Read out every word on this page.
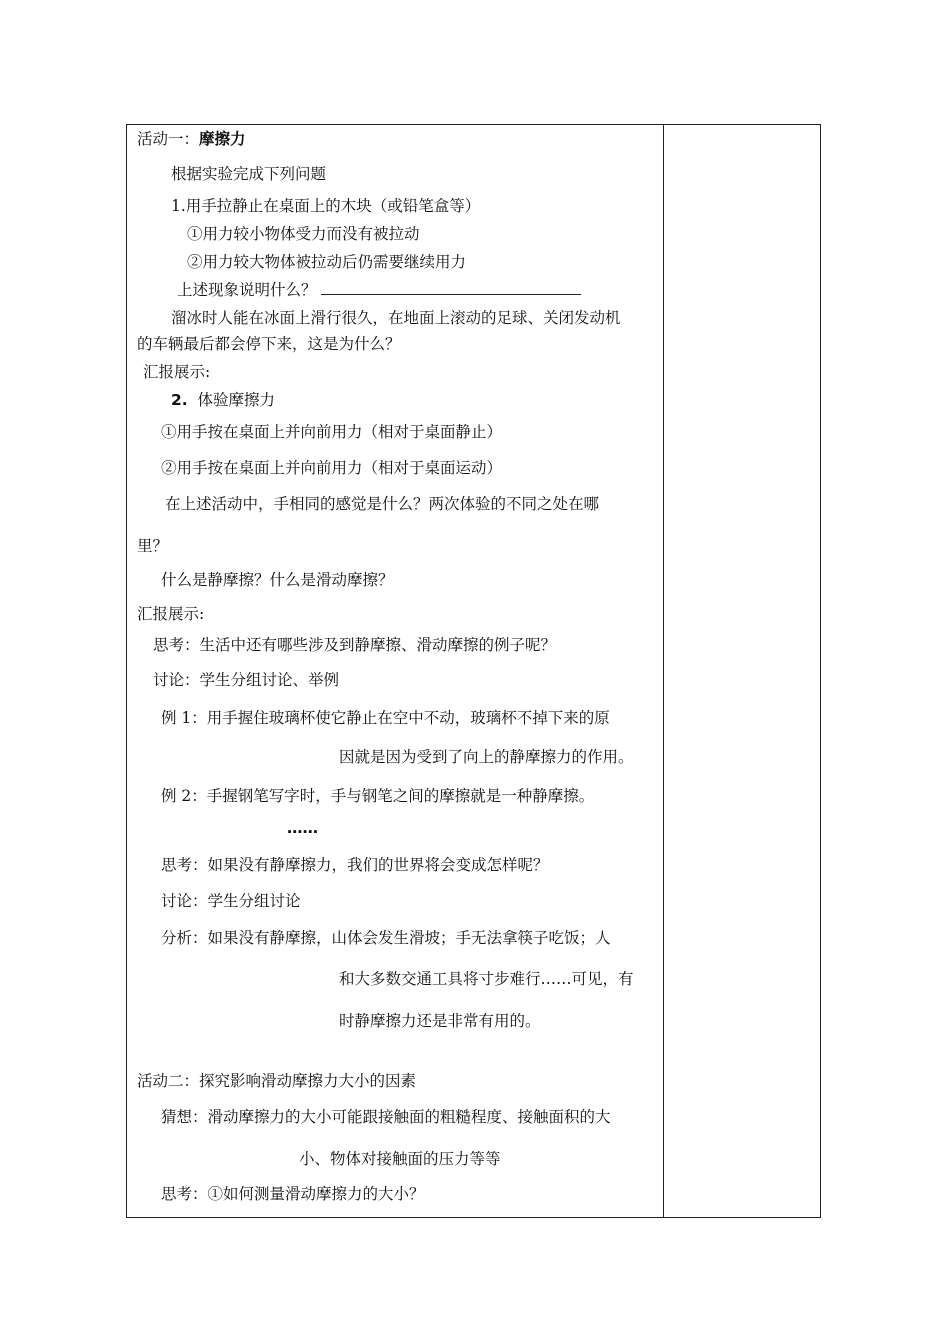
活动一：摩擦力
根据实验完成下列问题
1.用手拉静止在桌面上的木块（或铅笔盒等）
①用力较小物体受力而没有被拉动
②用力较大物体被拉动后仍需要继续用力
上述现象说明什么？
溜冰时人能在冰面上滑行很久，在地面上滚动的足球、关闭发动机
的车辆最后都会停下来，这是为什么？
汇报展示:
2. 体验摩擦力
①用手按在桌面上并向前用力（相对于桌面静止）
②用手按在桌面上并向前用力（相对于桌面运动）
在上述活动中，手相同的感觉是什么？两次体验的不同之处在哪
里？
什么是静摩擦？什么是滑动摩擦？
汇报展示:
思考：生活中还有哪些涉及到静摩擦、滑动摩擦的例子呢？
讨论：学生分组讨论、举例
例 1：用手握住玻璃杯使它静止在空中不动，玻璃杯不掉下来的原
因就是因为受到了向上的静摩擦力的作用。
例 2：手握钢笔写字时，手与钢笔之间的摩擦就是一种静摩擦。
……
思考：如果没有静摩擦力，我们的世界将会变成怎样呢？
讨论：学生分组讨论
分析：如果没有静摩擦，山体会发生滑坡；手无法拿筷子吃饭；人
和大多数交通工具将寸步难行……可见，有
时静摩擦力还是非常有用的。
活动二：探究影响滑动摩擦力大小的因素
猜想：滑动摩擦力的大小可能跟接触面的粗糙程度、接触面积的大
小、物体对接触面的压力等等
思考：①如何测量滑动摩擦力的大小？
